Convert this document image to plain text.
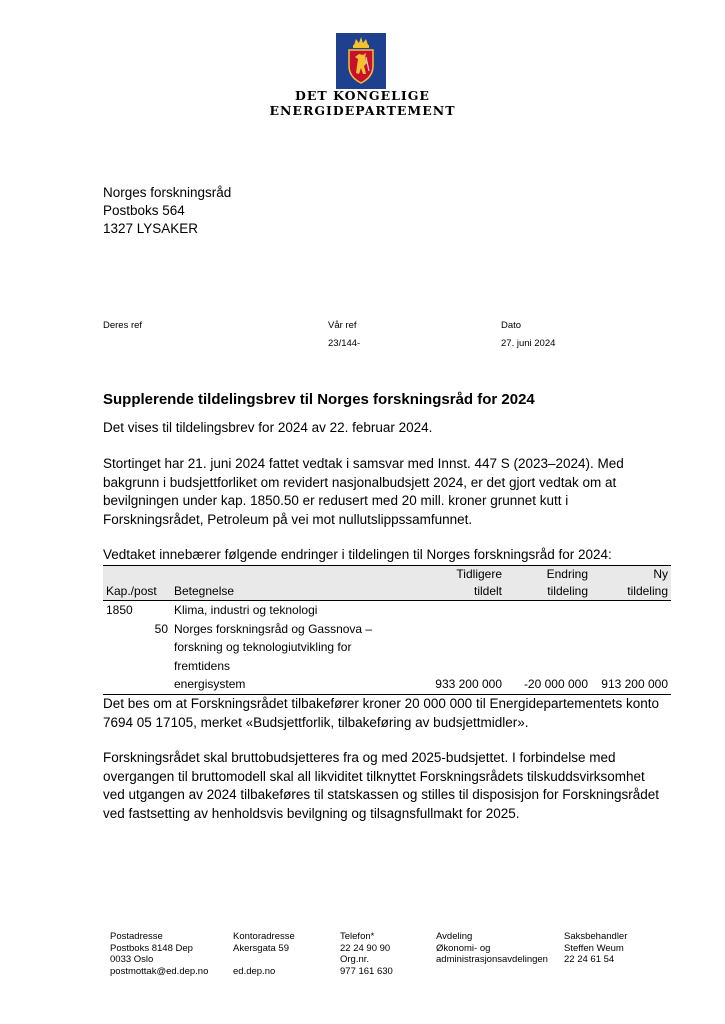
DET KONGELIGE
ENERGIDEPARTEMENT
Norges forskningsråd
Postboks 564
1327 LYSAKER
Deres ref	Vår ref
23/144-
Dato
27. juni 2024
Supplerende tildelingsbrev til Norges forskningsråd for 2024

Det vises til tildelingsbrev for 2024 av 22. februar 2024.

Stortinget har 21. juni 2024 fattet vedtak i samsvar med Innst. 447 S (2023–2024). Med bakgrunn i budsjettforliket om revidert nasjonalbudsjett 2024, er det gjort vedtak om at bevilgningen under kap. 1850.50 er redusert med 20 mill. kroner grunnet kutt i Forskningsrådet, Petroleum på vei mot nullutslippssamfunnet.

Vedtaket innebærer følgende endringer i tildelingen til Norges forskningsråd for 2024:

		Tidligere	Endring	Ny
Kap./post	Betegnelse	tildelt	tildeling	tildeling
1850	Klima, industri og teknologi			
50	Norges forskningsråd og Gassnova –			
	forskning og teknologiutvikling for fremtidens			
	energisystem	933 200 000	-20 000 000	913 200 000

Det bes om at Forskningsrådet tilbakefører kroner 20 000 000 til Energidepartementets konto 7694 05 17105, merket «Budsjettforlik, tilbakeføring av budsjettmidler».

Forskningsrådet skal bruttobudsjetteres fra og med 2025-budsjettet. I forbindelse med overgangen til bruttomodell skal all likviditet tilknyttet Forskningsrådets tilskuddsvirksomhet ved utgangen av 2024 tilbakeføres til statskassen og stilles til disposisjon for Forskningsrådet ved fastsetting av henholdsvis bevilgning og tilsagnsfullmakt for 2025.

Postadresse
Postboks 8148 Dep
0033 Oslo
postmottak@ed.dep.no
Kontoradresse
Akersgata 59

ed.dep.no
Telefon*
22 24 90 90
Org.nr.
977 161 630
Avdeling
Økonomi- og
administrasjonsavdelingen
Saksbehandler
Steffen Weum
22 24 61 54
